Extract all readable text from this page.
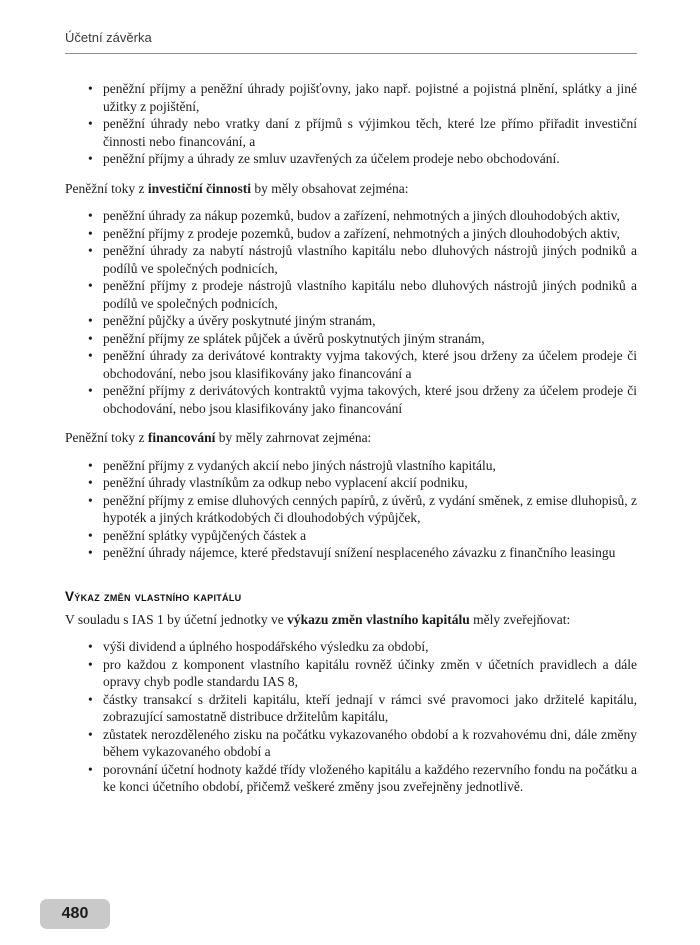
Účetní závěrka
• peněžní příjmy a peněžní úhrady pojišťovny, jako např. pojistné a pojistná plnění, splátky a jiné užitky z pojištění,
• peněžní úhrady nebo vratky daní z příjmů s výjimkou těch, které lze přímo přiřadit investiční činnosti nebo financování, a
• peněžní příjmy a úhrady ze smluv uzavřených za účelem prodeje nebo obchodování.

Peněžní toky z investiční činnosti by měly obsahovat zejména:

• peněžní úhrady za nákup pozemků, budov a zařízení, nehmotných a jiných dlouhodobých aktiv,
• peněžní příjmy z prodeje pozemků, budov a zařízení, nehmotných a jiných dlouhodobých aktiv,
• peněžní úhrady za nabytí nástrojů vlastního kapitálu nebo dluhových nástrojů jiných podniků a podílů ve společných podnicích,
• peněžní příjmy z prodeje nástrojů vlastního kapitálu nebo dluhových nástrojů jiných podniků a podílů ve společných podnicích,
• peněžní půjčky a úvěry poskytnuté jiným stranám,
• peněžní příjmy ze splátek půjček a úvěrů poskytnutých jiným stranám,
• peněžní úhrady za derivátové kontrakty vyjma takových, které jsou drženy za účelem prodeje či obchodování, nebo jsou klasifikovány jako financování a
• peněžní příjmy z derivátových kontraktů vyjma takových, které jsou drženy za účelem prodeje či obchodování, nebo jsou klasifikovány jako financování

Peněžní toky z financování by měly zahrnovat zejména:

• peněžní příjmy z vydaných akcií nebo jiných nástrojů vlastního kapitálu,
• peněžní úhrady vlastníkům za odkup nebo vyplacení akcií podniku,
• peněžní příjmy z emise dluhových cenných papírů, z úvěrů, z vydání směnek, z emise dluhopisů, z hypoték a jiných krátkodobých či dlouhodobých výpůjček,
• peněžní splátky vypůjčených částek a
• peněžní úhrady nájemce, které představují snížení nesplaceného závazku z finančního leasingu
Výkaz změn vlastního kapitálu

V souladu s IAS 1 by účetní jednotky ve výkazu změn vlastního kapitálu měly zveřejňovat:

• výši dividend a úplného hospodářského výsledku za období,
• pro každou z komponent vlastního kapitálu rovněž účinky změn v účetních pravidlech a dále opravy chyb podle standardu IAS 8,
• částky transakcí s držiteli kapitálu, kteří jednají v rámci své pravomoci jako držitelé kapitálu, zobrazující samostatně distribuce držitelům kapitálu,
• zůstatek nerozděleného zisku na počátku vykazovaného období a k rozvahovému dni, dále změny během vykazovaného období a
• porovnání účetní hodnoty každé třídy vloženého kapitálu a každého rezervního fondu na počátku a ke konci účetního období, přičemž veškeré změny jsou zveřejněny jednotlivě.
480
